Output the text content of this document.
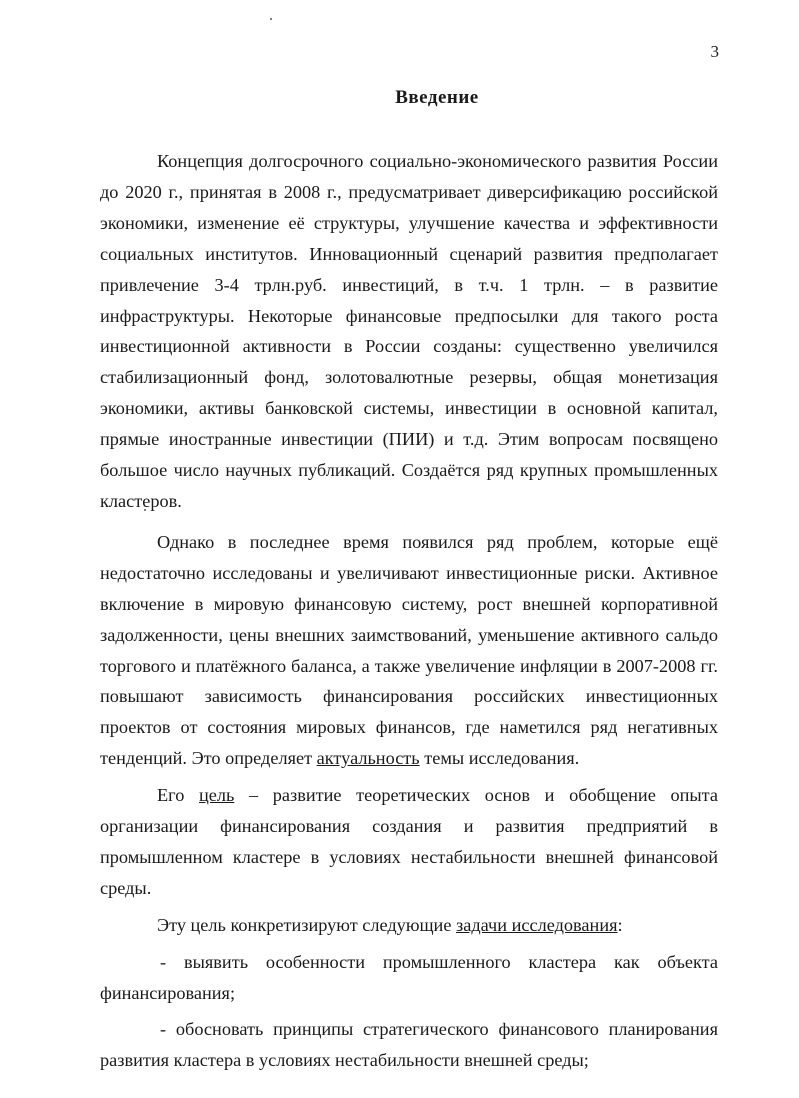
3
Введение

Концепция долгосрочного социально-экономического развития России до 2020 г., принятая в 2008 г., предусматривает диверсификацию российской экономики, изменение её структуры, улучшение качества и эффективности социальных институтов. Инновационный сценарий развития предполагает привлечение 3-4 трлн.руб. инвестиций, в т.ч. 1 трлн. – в развитие инфраструктуры. Некоторые финансовые предпосылки для такого роста инвестиционной активности в России созданы: существенно увеличился стабилизационный фонд, золотовалютные резервы, общая монетизация экономики, активы банковской системы, инвестиции в основной капитал, прямые иностранные инвестиции (ПИИ) и т.д. Этим вопросам посвящено большое число научных публикаций. Создаётся ряд крупных промышленных кластеров.

Однако в последнее время появился ряд проблем, которые ещё недостаточно исследованы и увеличивают инвестиционные риски. Активное включение в мировую финансовую систему, рост внешней корпоративной задолженности, цены внешних заимствований, уменьшение активного сальдо торгового и платёжного баланса, а также увеличение инфляции в 2007-2008 гг. повышают зависимость финансирования российских инвестиционных проектов от состояния мировых финансов, где наметился ряд негативных тенденций. Это определяет актуальность темы исследования.

Его цель – развитие теоретических основ и обобщение опыта организации финансирования создания и развития предприятий в промышленном кластере в условиях нестабильности внешней финансовой среды.

Эту цель конкретизируют следующие задачи исследования:

- выявить особенности промышленного кластера как объекта финансирования;

- обосновать принципы стратегического финансового планирования развития кластера в условиях нестабильности внешней среды;
